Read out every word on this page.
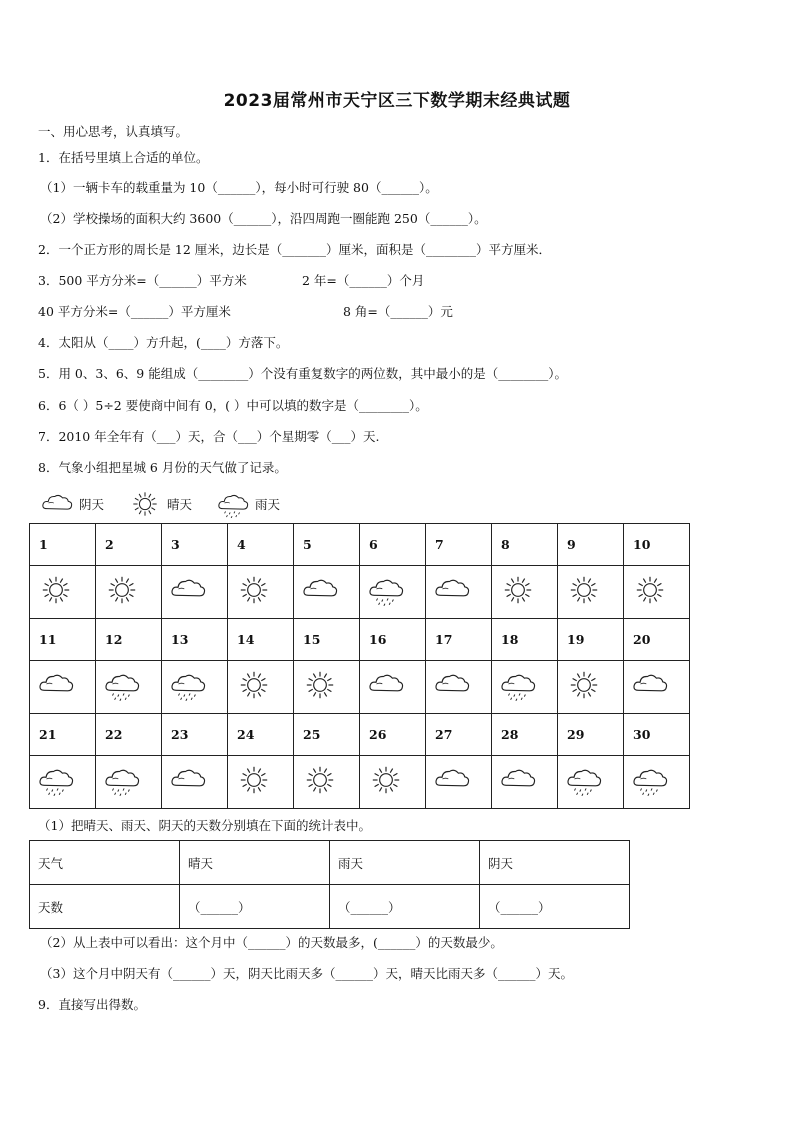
2023届常州市天宁区三下数学期末经典试题
一、用心思考，认真填写。
1．在括号里填上合适的单位。
（1）一辆卡车的载重量为 10（______），每小时可行驶 80（______）。
（2）学校操场的面积大约 3600（______），沿四周跑一圈能跑 250（______）。
2．一个正方形的周长是 12 厘米，边长是（_______）厘米，面积是（________）平方厘米．
3．500 平方分米=（______）平方米	2 年=（______）个月
40 平方分米=（______）平方厘米	8 角=（______）元
4．太阳从（____）方升起，(____）方落下。
5．用 0、3、6、9 能组成（________）个没有重复数字的两位数，其中最小的是（________）。
6．6（ ）5÷2 要使商中间有 0，( ）中可以填的数字是（________）。
7．2010 年全年有（___）天，合（___）个星期零（___）天.
8．气象小组把星城 6 月份的天气做了记录。
阴天	晴天	雨天
1	2	3	4	5	6	7	8	9	10

11	12	13	14	15	16	17	18	19	20

21	22	23	24	25	26	27	28	29	30

（1）把晴天、雨天、阴天的天数分别填在下面的统计表中。
天气	晴天	雨天	阴天
天数	（______）	（______）	（______）
（2）从上表中可以看出：这个月中（______）的天数最多，(______）的天数最少。
（3）这个月中阴天有（______）天，阴天比雨天多（______）天，晴天比雨天多（______）天。
9．直接写出得数。
